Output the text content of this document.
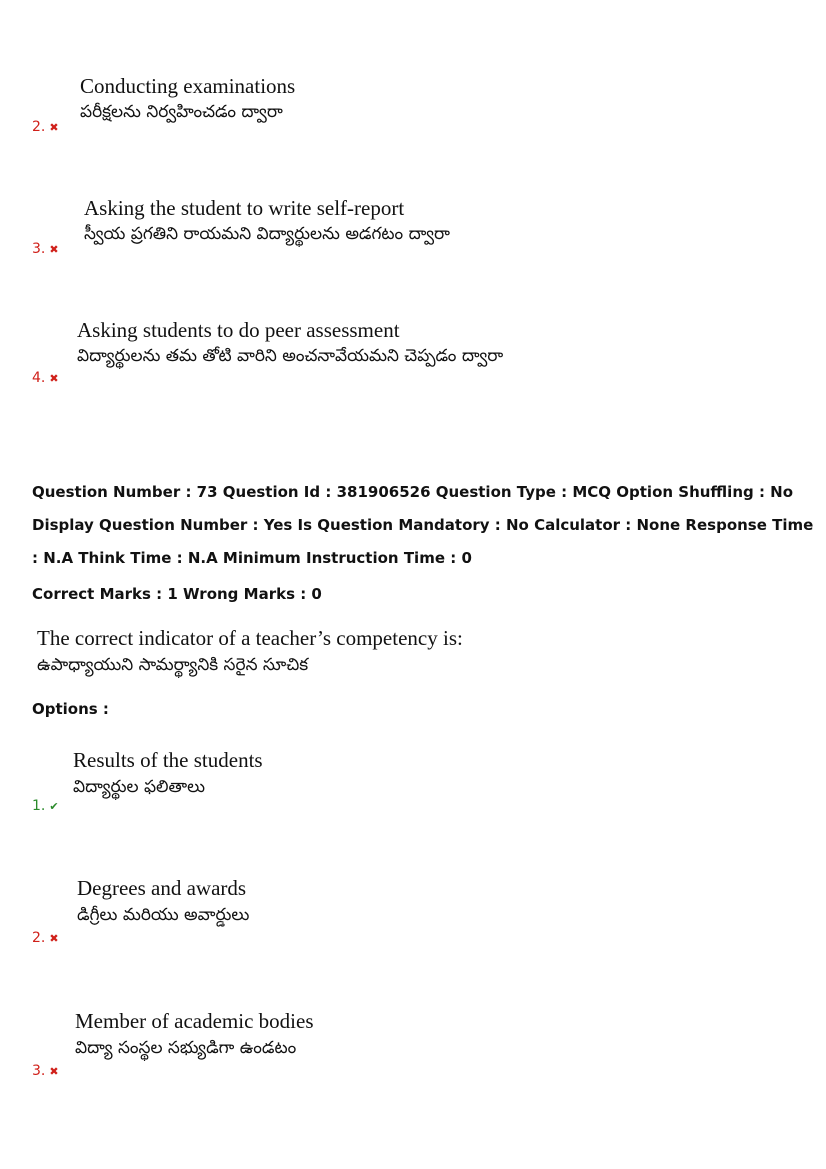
Conducting examinations
పరీక్షలను నిర్వహించడం ద్వారా
2. ✖
Asking the student to write self-report
స్వీయ ప్రగతిని రాయమని విద్యార్థులను అడగటం ద్వారా
3. ✖
Asking students to do peer assessment
విద్యార్థులను తమ తోటి వారిని అంచనావేయమని చెప్పడం ద్వారా
4. ✖
Question Number : 73 Question Id : 381906526 Question Type : MCQ Option Shuffling : No
Display Question Number : Yes Is Question Mandatory : No Calculator : None Response Time
: N.A Think Time : N.A Minimum Instruction Time : 0
Correct Marks : 1 Wrong Marks : 0
The correct indicator of a teacher’s competency is:
ఉపాధ్యాయుని సామర్థ్యానికి సరైన సూచిక
Options :
Results of the students
విద్యార్థుల ఫలితాలు
1. ✔
Degrees and awards
డిగ్రీలు మరియు అవార్డులు
2. ✖
Member of academic bodies
విద్యా సంస్థల సభ్యుడిగా ఉండటం
3. ✖
